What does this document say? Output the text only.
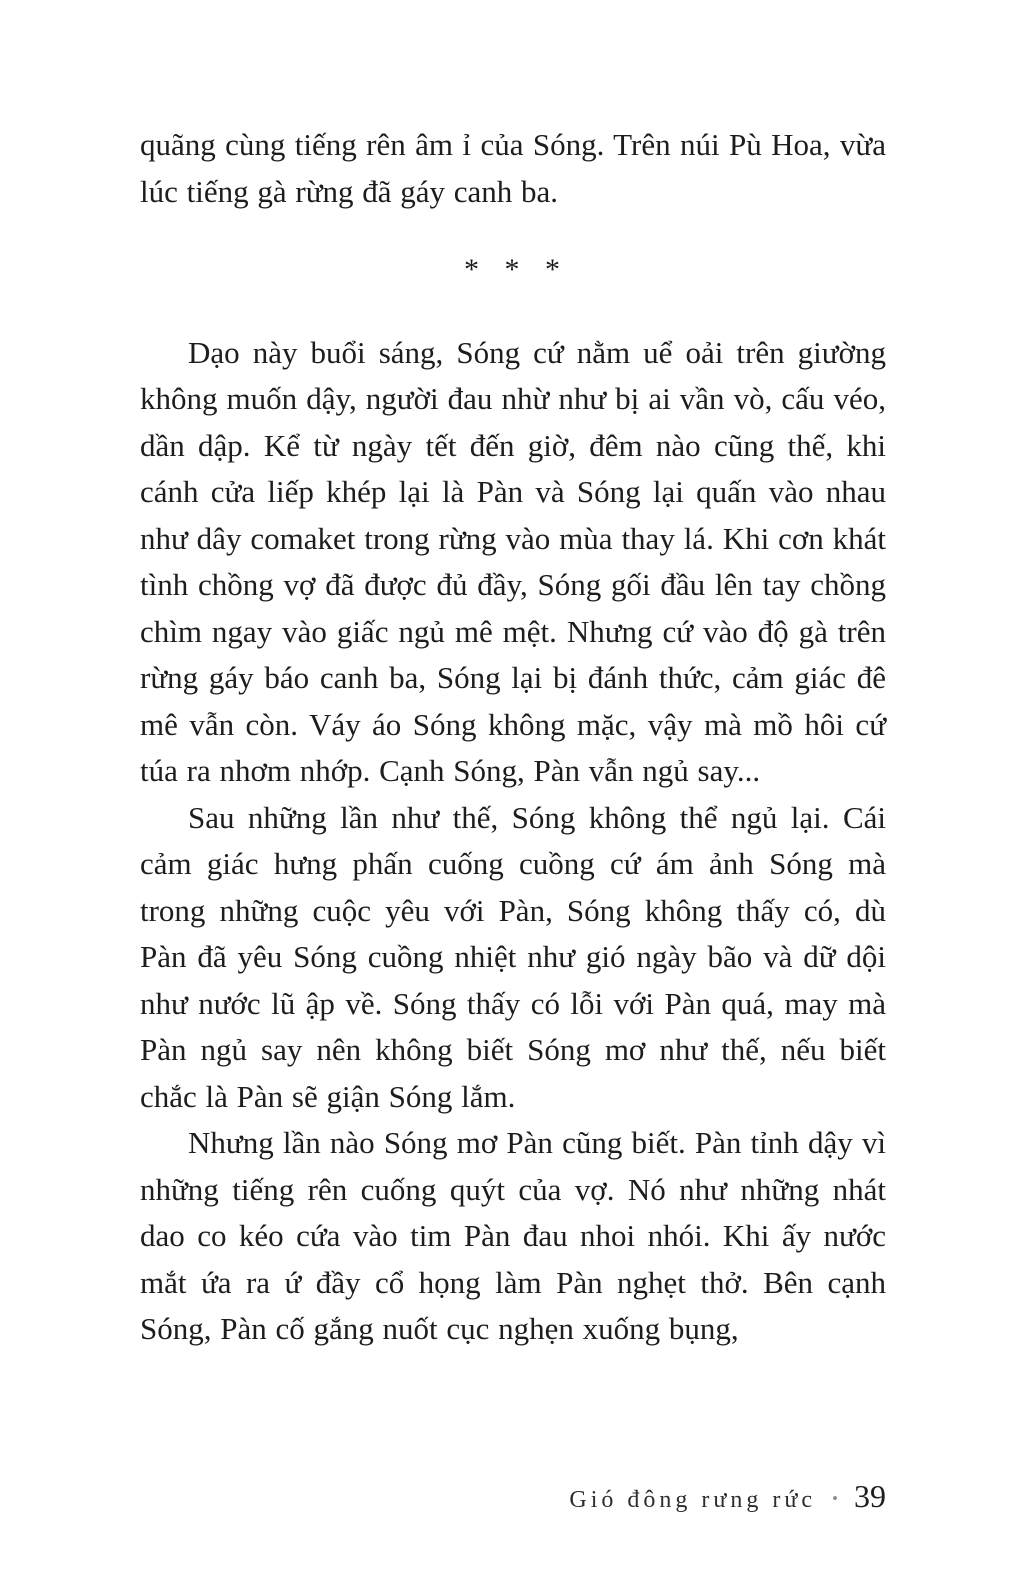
quãng cùng tiếng rên âm ỉ của Sóng. Trên núi Pù Hoa, vừa lúc tiếng gà rừng đã gáy canh ba.

* * *

Dạo này buổi sáng, Sóng cứ nằm uể oải trên giường không muốn dậy, người đau nhừ như bị ai vần vò, cấu véo, dần dập. Kể từ ngày tết đến giờ, đêm nào cũng thế, khi cánh cửa liếp khép lại là Pàn và Sóng lại quấn vào nhau như dây comaket trong rừng vào mùa thay lá. Khi cơn khát tình chồng vợ đã được đủ đầy, Sóng gối đầu lên tay chồng chìm ngay vào giấc ngủ mê mệt. Nhưng cứ vào độ gà trên rừng gáy báo canh ba, Sóng lại bị đánh thức, cảm giác đê mê vẫn còn. Váy áo Sóng không mặc, vậy mà mồ hôi cứ túa ra nhơm nhớp. Cạnh Sóng, Pàn vẫn ngủ say...

Sau những lần như thế, Sóng không thể ngủ lại. Cái cảm giác hưng phấn cuống cuồng cứ ám ảnh Sóng mà trong những cuộc yêu với Pàn, Sóng không thấy có, dù Pàn đã yêu Sóng cuồng nhiệt như gió ngày bão và dữ dội như nước lũ ập về. Sóng thấy có lỗi với Pàn quá, may mà Pàn ngủ say nên không biết Sóng mơ như thế, nếu biết chắc là Pàn sẽ giận Sóng lắm.

Nhưng lần nào Sóng mơ Pàn cũng biết. Pàn tỉnh dậy vì những tiếng rên cuống quýt của vợ. Nó như những nhát dao co kéo cứa vào tim Pàn đau nhoi nhói. Khi ấy nước mắt ứa ra ứ đầy cổ họng làm Pàn nghẹt thở. Bên cạnh Sóng, Pàn cố gắng nuốt cục nghẹn xuống bụng,

Gió đông rưng rức • 39
